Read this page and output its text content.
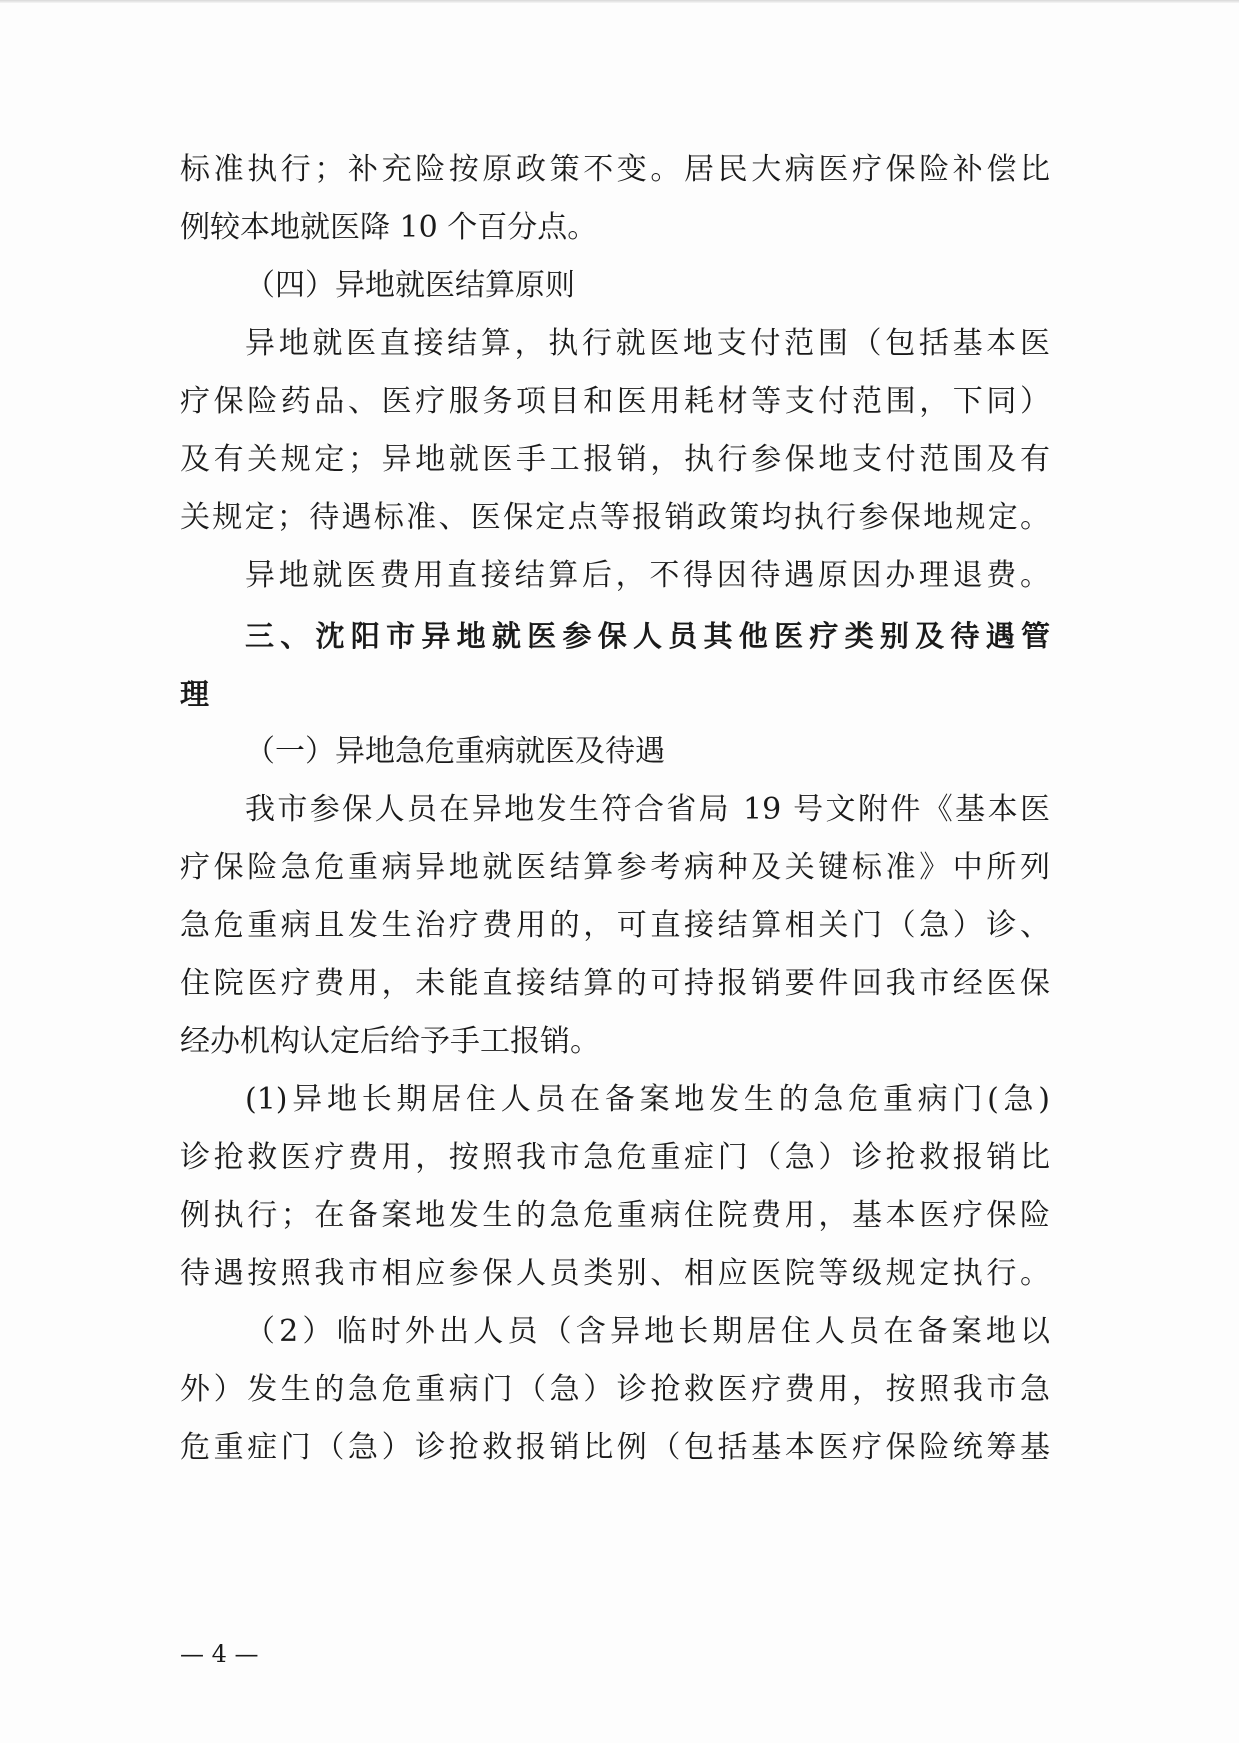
标准执行；补充险按原政策不变。居民大病医疗保险补偿比
例较本地就医降 10 个百分点。
（四）异地就医结算原则
异地就医直接结算，执行就医地支付范围（包括基本医
疗保险药品、医疗服务项目和医用耗材等支付范围，下同）
及有关规定；异地就医手工报销，执行参保地支付范围及有
关规定；待遇标准、医保定点等报销政策均执行参保地规定。
异地就医费用直接结算后，不得因待遇原因办理退费。
三、沈阳市异地就医参保人员其他医疗类别及待遇管
理
（一）异地急危重病就医及待遇
我市参保人员在异地发生符合省局 19 号文附件《基本医
疗保险急危重病异地就医结算参考病种及关键标准》中所列
急危重病且发生治疗费用的，可直接结算相关门（急）诊、
住院医疗费用，未能直接结算的可持报销要件回我市经医保
经办机构认定后给予手工报销。
(1)异地长期居住人员在备案地发生的急危重病门(急)
诊抢救医疗费用，按照我市急危重症门（急）诊抢救报销比
例执行；在备案地发生的急危重病住院费用，基本医疗保险
待遇按照我市相应参保人员类别、相应医院等级规定执行。
（2）临时外出人员（含异地长期居住人员在备案地以
外）发生的急危重病门（急）诊抢救医疗费用，按照我市急
危重症门（急）诊抢救报销比例（包括基本医疗保险统筹基
— 4 —
